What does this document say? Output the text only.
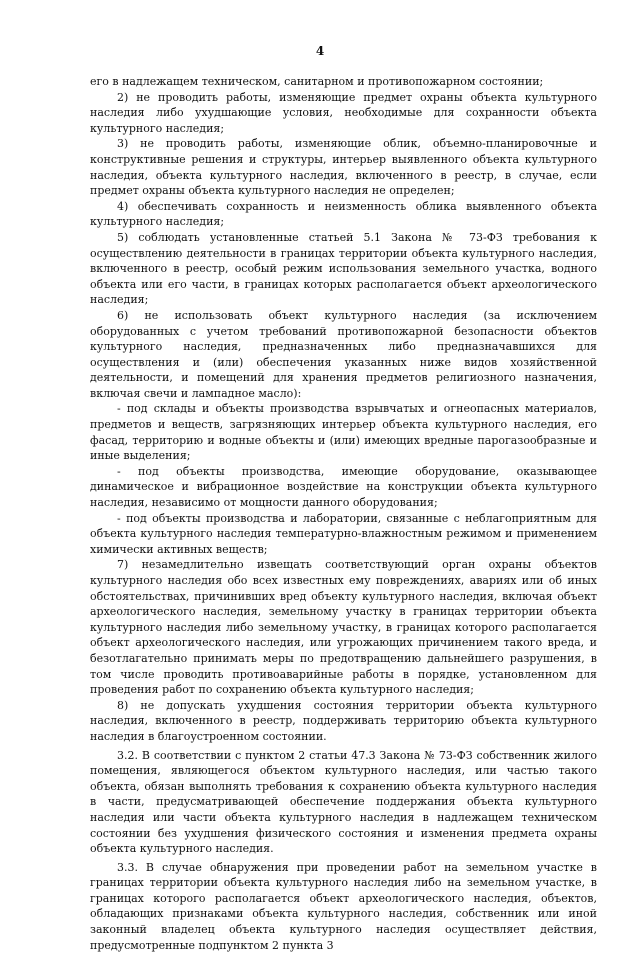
4

его в надлежащем техническом, санитарном и противопожарном состоянии;

2) не проводить работы, изменяющие предмет охраны объекта культурного наследия либо ухудшающие условия, необходимые для сохранности объекта культурного наследия;

3) не проводить работы, изменяющие облик, объемно-планировочные и конструктивные решения и структуры, интерьер выявленного объекта культурного наследия, объекта культурного наследия, включенного в реестр, в случае, если предмет охраны объекта культурного наследия не определен;

4) обеспечивать сохранность и неизменность облика выявленного объекта культурного наследия;

5) соблюдать установленные статьей 5.1 Закона № 73-ФЗ требования к осуществлению деятельности в границах территории объекта культурного наследия, включенного в реестр, особый режим использования земельного участка, водного объекта или его части, в границах которых располагается объект археологического наследия;

6) не использовать объект культурного наследия (за исключением оборудованных с учетом требований противопожарной безопасности объектов культурного наследия, предназначенных либо предназначавшихся для осуществления и (или) обеспечения указанных ниже видов хозяйственной деятельности, и помещений для хранения предметов религиозного назначения, включая свечи и лампадное масло):

- под склады и объекты производства взрывчатых и огнеопасных материалов, предметов и веществ, загрязняющих интерьер объекта культурного наследия, его фасад, территорию и водные объекты и (или) имеющих вредные парогазообразные и иные выделения;

- под объекты производства, имеющие оборудование, оказывающее динамическое и вибрационное воздействие на конструкции объекта культурного наследия, независимо от мощности данного оборудования;

- под объекты производства и лаборатории, связанные с неблагоприятным для объекта культурного наследия температурно-влажностным режимом и применением химически активных веществ;

7) незамедлительно извещать соответствующий орган охраны объектов культурного наследия обо всех известных ему повреждениях, авариях или об иных обстоятельствах, причинивших вред объекту культурного наследия, включая объект археологического наследия, земельному участку в границах территории объекта культурного наследия либо земельному участку, в границах которого располагается объект археологического наследия, или угрожающих причинением такого вреда, и безотлагательно принимать меры по предотвращению дальнейшего разрушения, в том числе проводить противоаварийные работы в порядке, установленном для проведения работ по сохранению объекта культурного наследия;

8) не допускать ухудшения состояния территории объекта культурного наследия, включенного в реестр, поддерживать территорию объекта культурного наследия в благоустроенном состоянии.

3.2. В соответствии с пунктом 2 статьи 47.3 Закона № 73-ФЗ собственник жилого помещения, являющегося объектом культурного наследия, или частью такого объекта, обязан выполнять требования к сохранению объекта культурного наследия в части, предусматривающей обеспечение поддержания объекта культурного наследия или части объекта культурного наследия в надлежащем техническом состоянии без ухудшения физического состояния и изменения предмета охраны объекта культурного наследия.

3.3. В случае обнаружения при проведении работ на земельном участке в границах территории объекта культурного наследия либо на земельном участке, в границах которого располагается объект археологического наследия, объектов, обладающих признаками объекта культурного наследия, собственник или иной законный владелец объекта культурного наследия осуществляет действия, предусмотренные подпунктом 2 пункта 3
